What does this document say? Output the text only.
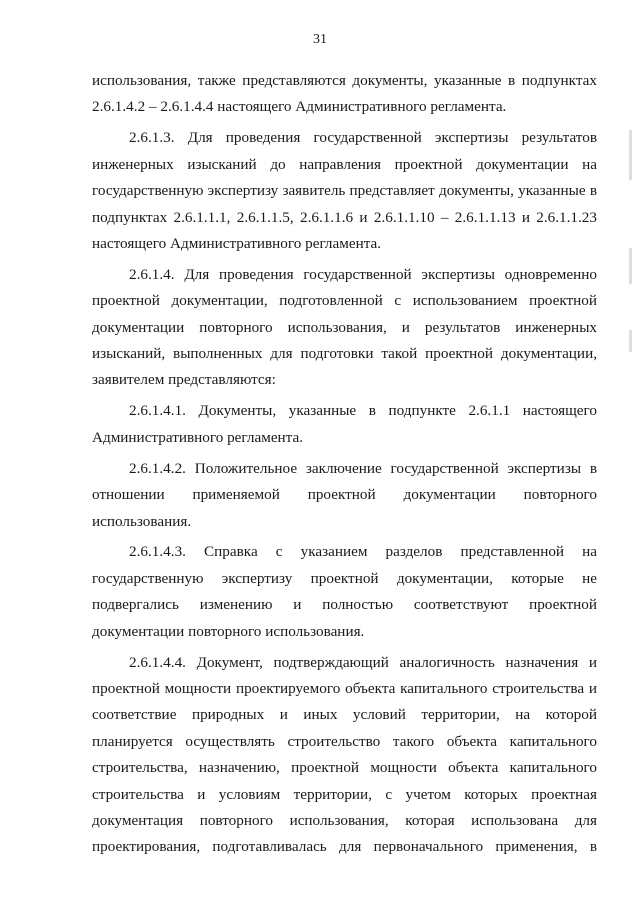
31

использования, также представляются документы, указанные в подпунктах 2.6.1.4.2 – 2.6.1.4.4 настоящего Административного регламента.

2.6.1.3. Для проведения государственной экспертизы результатов инженерных изысканий до направления проектной документации на государственную экспертизу заявитель представляет документы, указанные в подпунктах 2.6.1.1.1, 2.6.1.1.5, 2.6.1.1.6 и 2.6.1.1.10 – 2.6.1.1.13 и 2.6.1.1.23 настоящего Административного регламента.

2.6.1.4. Для проведения государственной экспертизы одновременно проектной документации, подготовленной с использованием проектной документации повторного использования, и результатов инженерных изысканий, выполненных для подготовки такой проектной документации, заявителем представляются:

2.6.1.4.1. Документы, указанные в подпункте 2.6.1.1 настоящего Административного регламента.

2.6.1.4.2. Положительное заключение государственной экспертизы в отношении применяемой проектной документации повторного использования.

2.6.1.4.3. Справка с указанием разделов представленной на государственную экспертизу проектной документации, которые не подвергались изменению и полностью соответствуют проектной документации повторного использования.

2.6.1.4.4. Документ, подтверждающий аналогичность назначения и проектной мощности проектируемого объекта капитального строительства и соответствие природных и иных условий территории, на которой планируется осуществлять строительство такого объекта капитального строительства, назначению, проектной мощности объекта капитального строительства и условиям территории, с учетом которых проектная документация повторного использования, которая использована для проектирования, подготавливалась для первоначального применения, в
